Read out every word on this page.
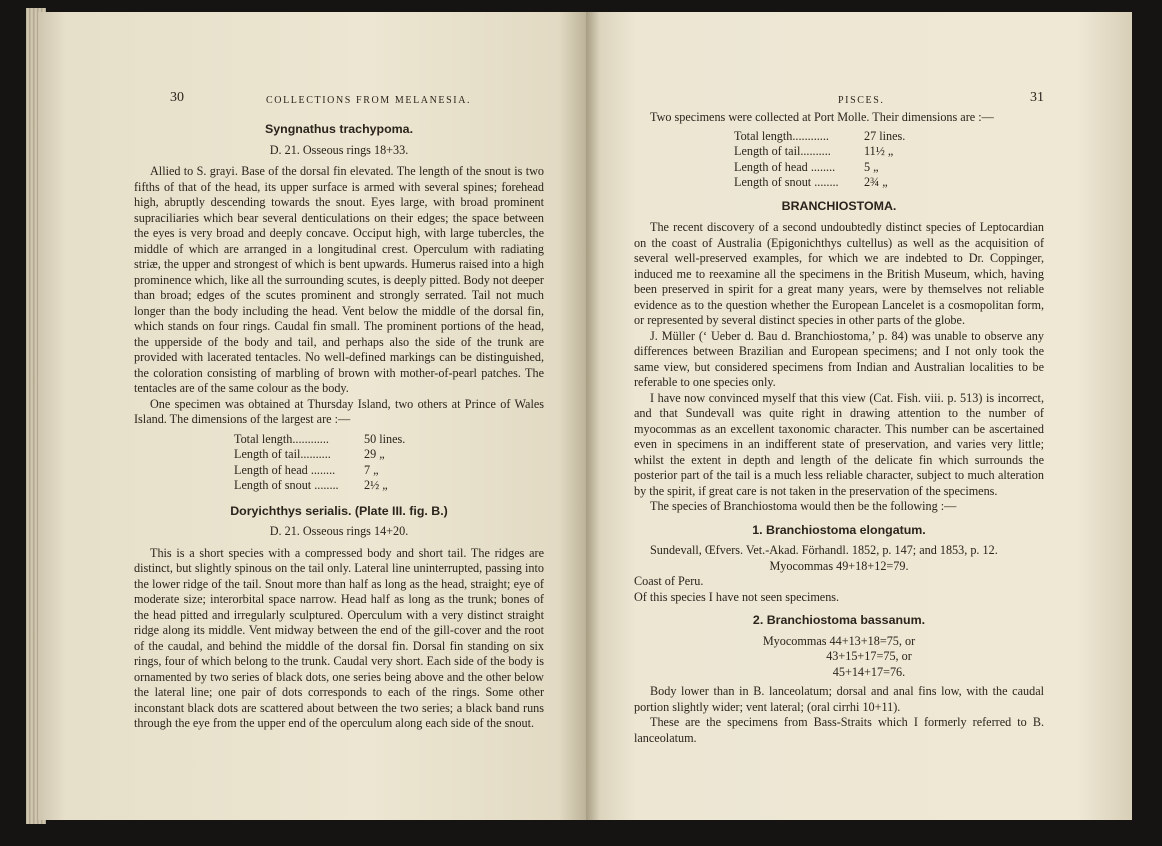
30	COLLECTIONS FROM MELANESIA.
Syngnathus trachypoma.
D. 21. Osseous rings 18+33.

Allied to S. grayi. Base of the dorsal fin elevated. The length of the snout is two fifths of that of the head, its upper surface is armed with several spines; forehead high, abruptly descending towards the snout. Eyes large, with broad prominent supraciliaries which bear several denticulations on their edges; the space between the eyes is very broad and deeply concave. Occiput high, with large tubercles, the middle of which are arranged in a longitudinal crest. Operculum with radiating striæ, the upper and strongest of which is bent upwards. Humerus raised into a high prominence which, like all the surrounding scutes, is deeply pitted. Body not deeper than broad; edges of the scutes prominent and strongly serrated. Tail not much longer than the body including the head. Vent below the middle of the dorsal fin, which stands on four rings. Caudal fin small. The prominent portions of the head, the upperside of the body and tail, and perhaps also the side of the trunk are provided with lacerated tentacles. No well-defined markings can be distinguished, the coloration consisting of marbling of brown with mother-of-pearl patches. The tentacles are of the same colour as the body.

One specimen was obtained at Thursday Island, two others at Prince of Wales Island. The dimensions of the largest are :—

Total length............	50 lines.
Length of tail..........	29 „
Length of head ........	7 „
Length of snout ........	2½ „
Doryichthys serialis. (Plate III. fig. B.)
D. 21. Osseous rings 14+20.

This is a short species with a compressed body and short tail. The ridges are distinct, but slightly spinous on the tail only. Lateral line uninterrupted, passing into the lower ridge of the tail. Snout more than half as long as the head, straight; eye of moderate size; interorbital space narrow. Head half as long as the trunk; bones of the head pitted and irregularly sculptured. Operculum with a very distinct straight ridge along its middle. Vent midway between the end of the gill-cover and the root of the caudal, and behind the middle of the dorsal fin. Dorsal fin standing on six rings, four of which belong to the trunk. Caudal very short. Each side of the body is ornamented by two series of black dots, one series being above and the other below the lateral line; one pair of dots corresponds to each of the rings. Some other inconstant black dots are scattered about between the two series; a black band runs through the eye from the upper end of the operculum along each side of the snout.

PISCES.	31

Two specimens were collected at Port Molle. Their dimensions are :—

Total length............	27 lines.
Length of tail..........	11½ „
Length of head ........	5 „
Length of snout ........	2¾ „
BRANCHIOSTOMA.

The recent discovery of a second undoubtedly distinct species of Leptocardian on the coast of Australia (Epigonichthys cultellus) as well as the acquisition of several well-preserved examples, for which we are indebted to Dr. Coppinger, induced me to reexamine all the specimens in the British Museum, which, having been preserved in spirit for a great many years, were by themselves not reliable evidence as to the question whether the European Lancelet is a cosmopolitan form, or represented by several distinct species in other parts of the globe.

J. Müller (‘ Ueber d. Bau d. Branchiostoma,’ p. 84) was unable to observe any differences between Brazilian and European specimens; and I not only took the same view, but considered specimens from Indian and Australian localities to be referable to one species only.

I have now convinced myself that this view (Cat. Fish. viii. p. 513) is incorrect, and that Sundevall was quite right in drawing attention to the number of myocommas as an excellent taxonomic character. This number can be ascertained even in specimens in an indifferent state of preservation, and varies very little; whilst the extent in depth and length of the delicate fin which surrounds the posterior part of the tail is a much less reliable character, subject to much alteration by the spirit, if great care is not taken in the preservation of the specimens.

The species of Branchiostoma would then be the following :—

1. Branchiostoma elongatum.

Sundevall, Œfvers. Vet.-Akad. Förhandl. 1852, p. 147; and 1853, p. 12.

Myocommas 49+18+12=79.

Coast of Peru.

Of this species I have not seen specimens.

2. Branchiostoma bassanum.
Myocommas 44+13+18=75, or
43+15+17=75, or
45+14+17=76.

Body lower than in B. lanceolatum; dorsal and anal fins low, with the caudal portion slightly wider; vent lateral; (oral cirrhi 10+11).

These are the specimens from Bass-Straits which I formerly referred to B. lanceolatum.
